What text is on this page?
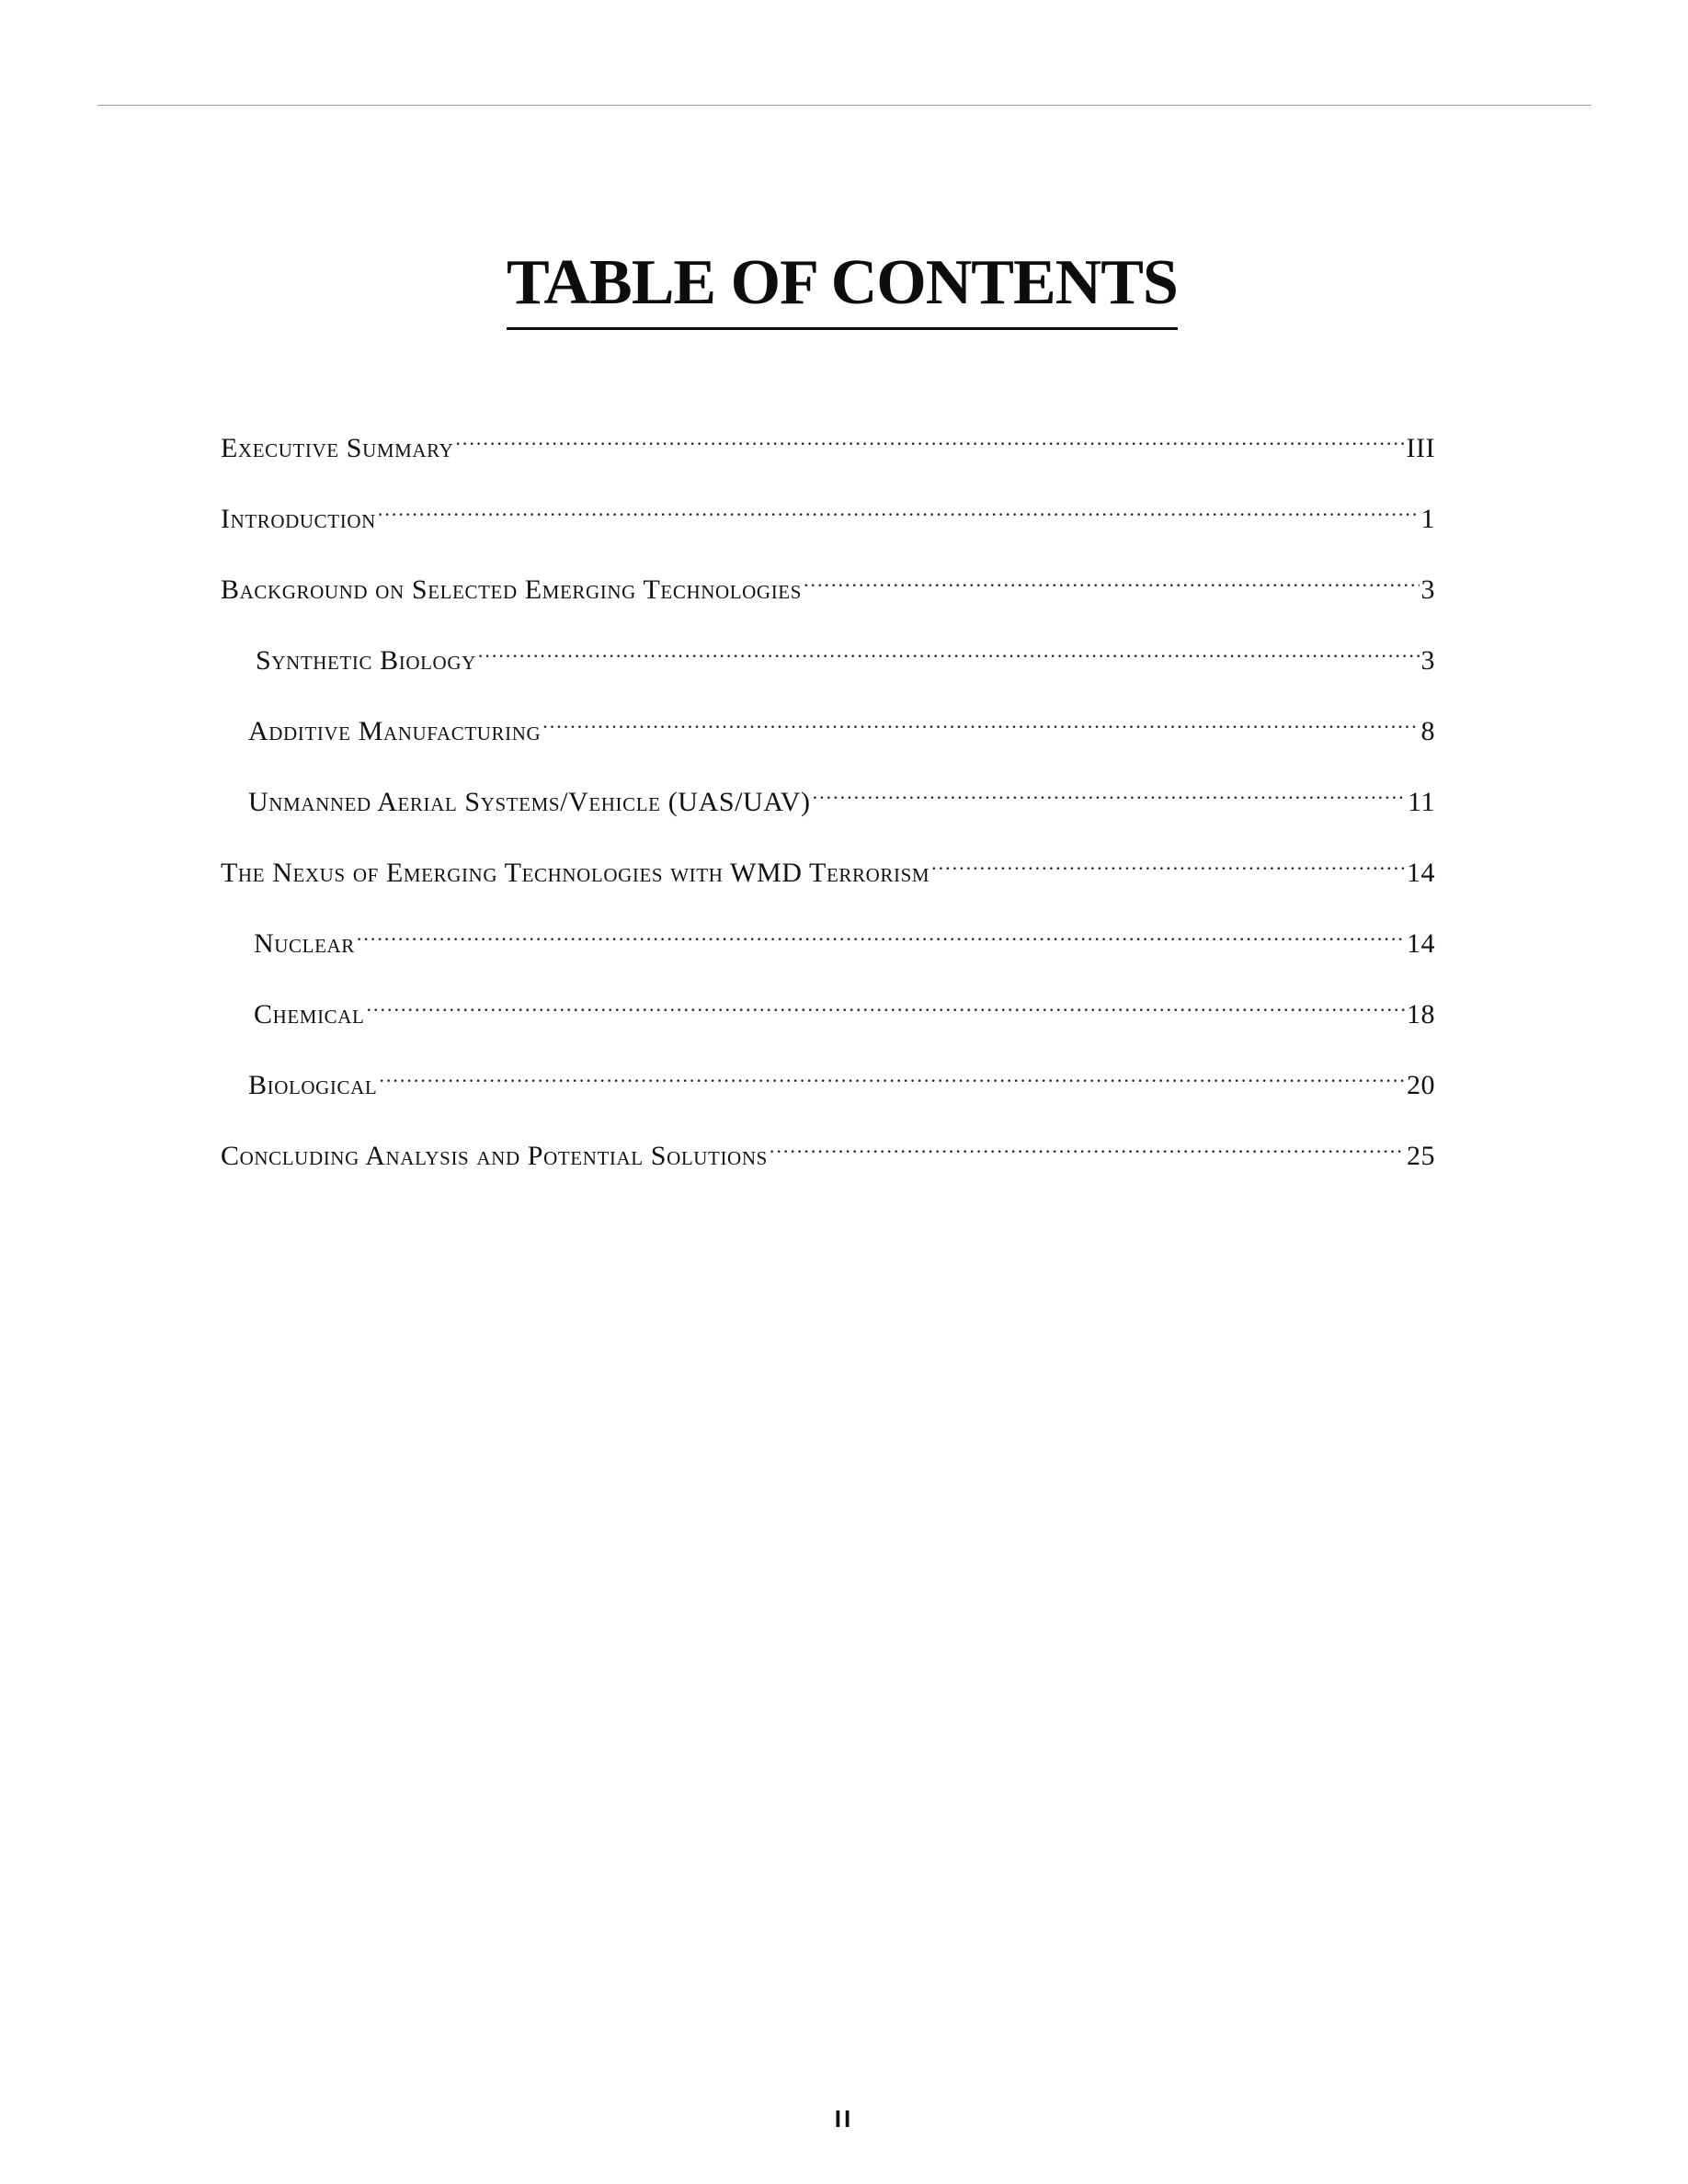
TABLE OF CONTENTS
Executive Summary .....	III
Introduction .....	1
Background on Selected Emerging Technologies .....	3
Synthetic Biology .....	3
Additive Manufacturing .....	8
Unmanned Aerial Systems/Vehicle (UAS/UAV) .....	11
The Nexus of Emerging Technologies with WMD Terrorism .....	14
Nuclear .....	14
Chemical .....	18
Biological .....	20
Concluding Analysis and Potential Solutions .....	25
II
